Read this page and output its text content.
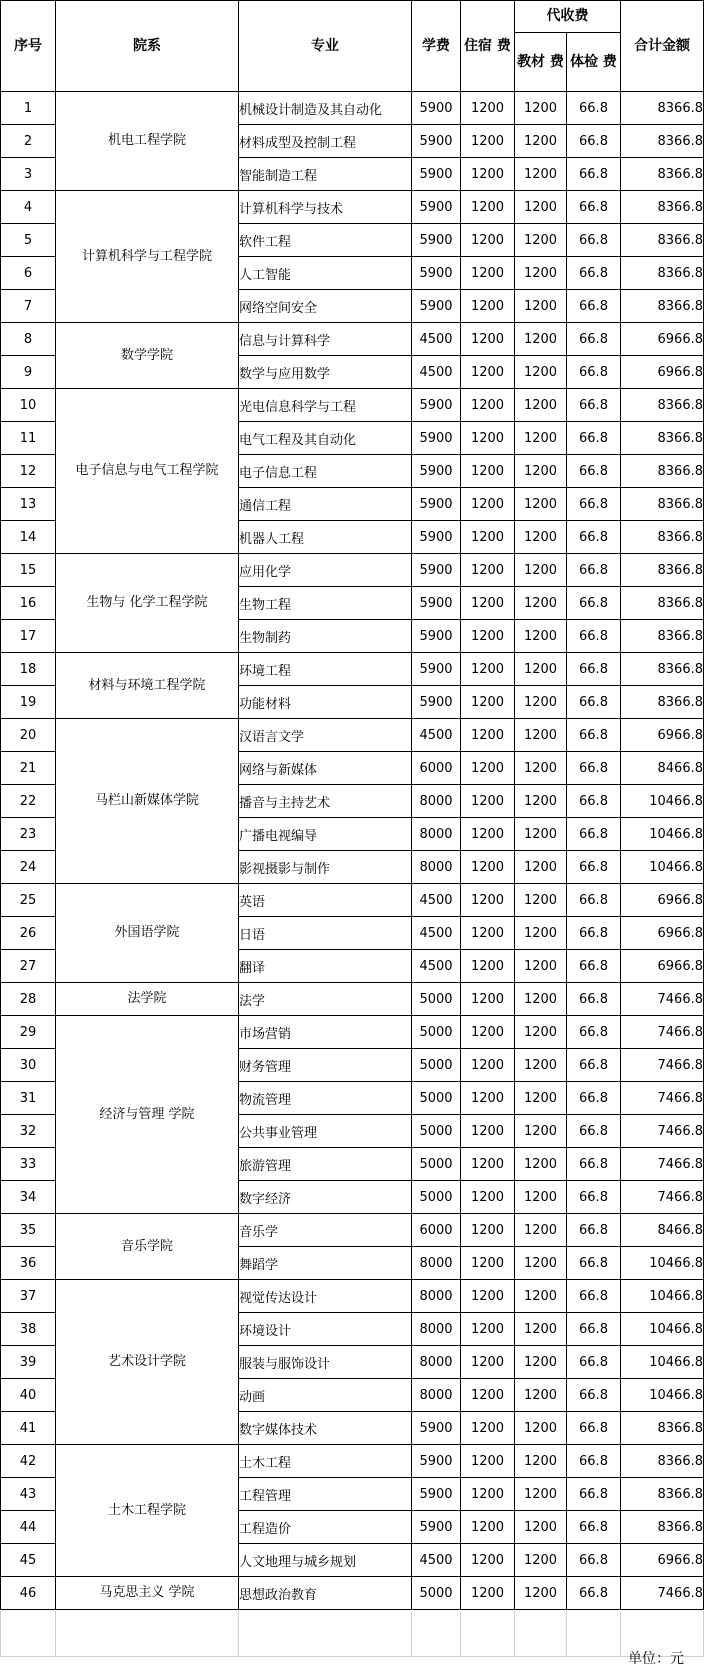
序号	院系	专业	学费	住宿 费	代收费		合计金额
					教材 费	体检 费	
1	机电工程学院	机械设计制造及其自动化	5900	1200	1200	66.8	8366.8
2		材料成型及控制工程	5900	1200	1200	66.8	8366.8
3		智能制造工程	5900	1200	1200	66.8	8366.8
4	计算机科学与工程学院	计算机科学与技术	5900	1200	1200	66.8	8366.8
5		软件工程	5900	1200	1200	66.8	8366.8
6		人工智能	5900	1200	1200	66.8	8366.8
7		网络空间安全	5900	1200	1200	66.8	8366.8
8	数学学院	信息与计算科学	4500	1200	1200	66.8	6966.8
9		数学与应用数学	4500	1200	1200	66.8	6966.8
10	电子信息与电气工程学院	光电信息科学与工程	5900	1200	1200	66.8	8366.8
11		电气工程及其自动化	5900	1200	1200	66.8	8366.8
12		电子信息工程	5900	1200	1200	66.8	8366.8
13		通信工程	5900	1200	1200	66.8	8366.8
14		机器人工程	5900	1200	1200	66.8	8366.8
15	生物与 化学工程学院	应用化学	5900	1200	1200	66.8	8366.8
16		生物工程	5900	1200	1200	66.8	8366.8
17		生物制药	5900	1200	1200	66.8	8366.8
18	材料与环境工程学院	环境工程	5900	1200	1200	66.8	8366.8
19		功能材料	5900	1200	1200	66.8	8366.8
20	马栏山新媒体学院	汉语言文学	4500	1200	1200	66.8	6966.8
21		网络与新媒体	6000	1200	1200	66.8	8466.8
22		播音与主持艺术	8000	1200	1200	66.8	10466.8
23		广播电视编导	8000	1200	1200	66.8	10466.8
24		影视摄影与制作	8000	1200	1200	66.8	10466.8
25	外国语学院	英语	4500	1200	1200	66.8	6966.8
26		日语	4500	1200	1200	66.8	6966.8
27		翻译	4500	1200	1200	66.8	6966.8
28	法学院	法学	5000	1200	1200	66.8	7466.8
29	经济与管理 学院	市场营销	5000	1200	1200	66.8	7466.8
30		财务管理	5000	1200	1200	66.8	7466.8
31		物流管理	5000	1200	1200	66.8	7466.8
32		公共事业管理	5000	1200	1200	66.8	7466.8
33		旅游管理	5000	1200	1200	66.8	7466.8
34		数字经济	5000	1200	1200	66.8	7466.8
35	音乐学院	音乐学	6000	1200	1200	66.8	8466.8
36		舞蹈学	8000	1200	1200	66.8	10466.8
37	艺术设计学院	视觉传达设计	8000	1200	1200	66.8	10466.8
38		环境设计	8000	1200	1200	66.8	10466.8
39		服装与服饰设计	8000	1200	1200	66.8	10466.8
40		动画	8000	1200	1200	66.8	10466.8
41		数字媒体技术	5900	1200	1200	66.8	8366.8
42	土木工程学院	土木工程	5900	1200	1200	66.8	8366.8
43		工程管理	5900	1200	1200	66.8	8366.8
44		工程造价	5900	1200	1200	66.8	8366.8
45		人文地理与城乡规划	4500	1200	1200	66.8	6966.8
46	马克思主义 学院	思想政治教育	5000	1200	1200	66.8	7466.8

单位：元
